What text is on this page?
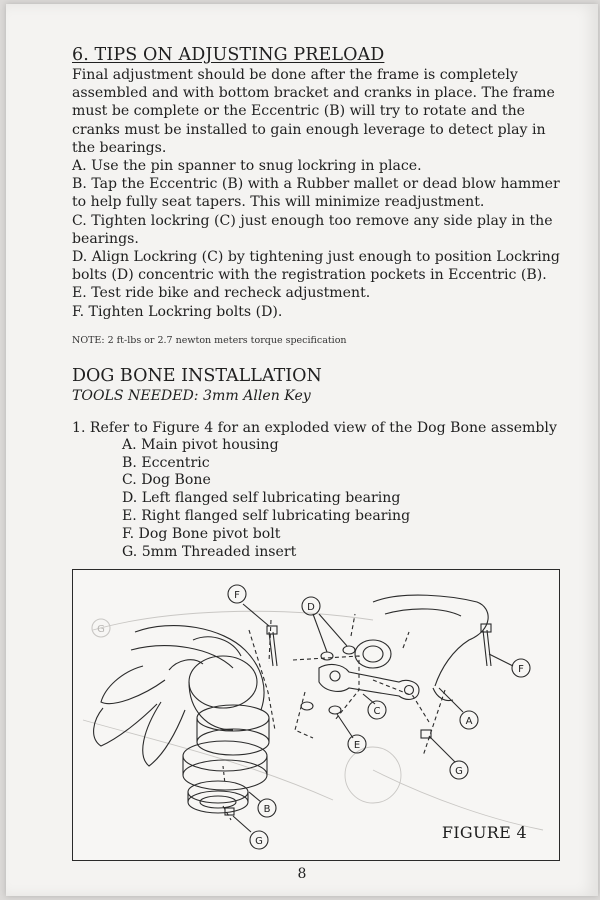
6. TIPS ON ADJUSTING PRELOAD

Final adjustment should be done after the frame is completely assembled and with bottom bracket and cranks in place. The frame must be complete or the Eccentric (B) will try to rotate and the cranks must be installed to gain enough leverage to detect play in the bearings.

A. Use the pin spanner to snug lockring in place.
B. Tap the Eccentric (B) with a Rubber mallet or dead blow hammer to help fully seat tapers. This will minimize readjustment.
C. Tighten lockring (C) just enough too remove any side play in the bearings.
D. Align Lockring (C) by tightening just enough to position Lockring bolts (D) concentric with the registration pockets in Eccentric (B).
E. Test ride bike and recheck adjustment.
F. Tighten Lockring bolts (D).
NOTE: 2 ft-lbs or 2.7 newton meters torque specification
DOG BONE INSTALLATION

TOOLS NEEDED: 3mm Allen Key

1. Refer to Figure 4 for an exploded view of the Dog Bone assembly

A. Main pivot housing
B. Eccentric
C. Dog Bone
D. Left flanged self lubricating bearing
E. Right flanged self lubricating bearing
F. Dog Bone pivot bolt
G. 5mm Threaded insert
F
D
C
E
F
A
G
B
G
G
FIGURE 4
8
